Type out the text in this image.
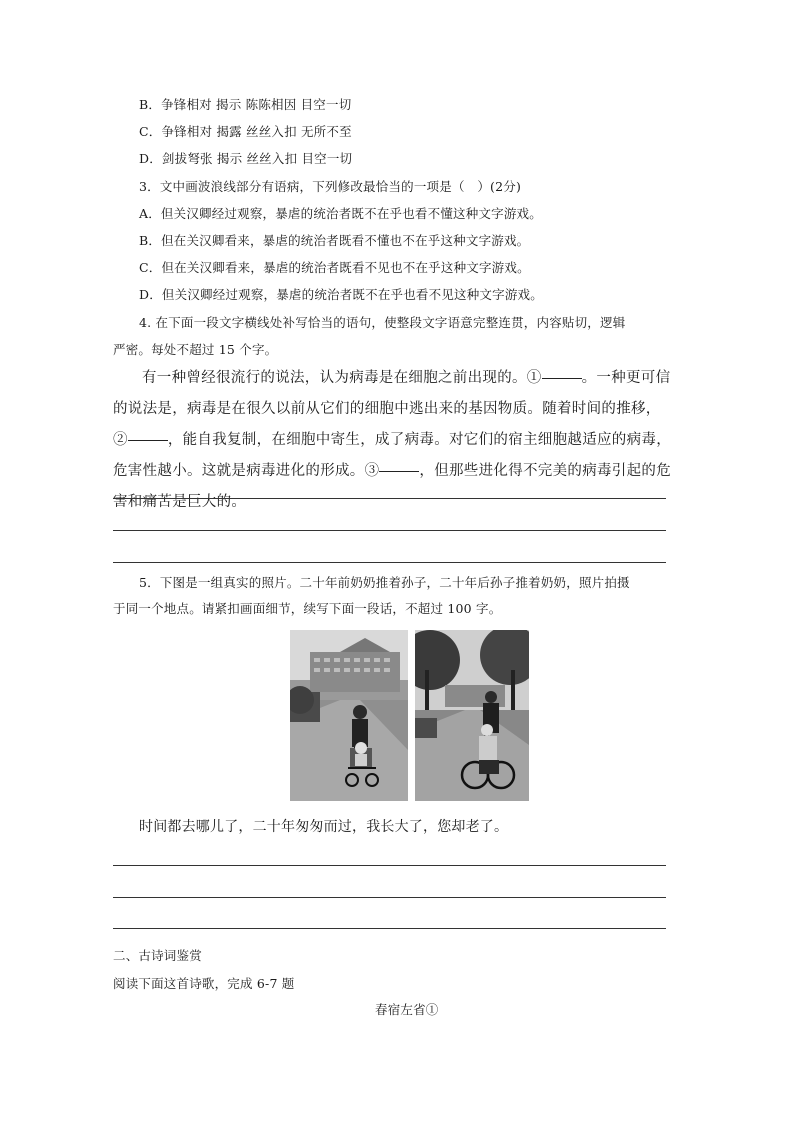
B．争锋相对 揭示 陈陈相因 目空一切
C．争锋相对 揭露 丝丝入扣 无所不至
D．剑拔弩张 揭示 丝丝入扣 目空一切
3．文中画波浪线部分有语病，下列修改最恰当的一项是（　）(2分)
A．但关汉卿经过观察，暴虐的统治者既不在乎也看不懂这种文字游戏。
B．但在关汉卿看来，暴虐的统治者既看不懂也不在乎这种文字游戏。
C．但在关汉卿看来，暴虐的统治者既看不见也不在乎这种文字游戏。
D．但关汉卿经过观察，暴虐的统治者既不在乎也看不见这种文字游戏。
4. 在下面一段文字横线处补写恰当的语句，使整段文字语意完整连贯，内容贴切，逻辑
严密。每处不超过 15 个字。
有一种曾经很流行的说法，认为病毒是在细胞之前出现的。①	。一种更可信的说法是，病毒是在很久以前从它们的细胞中逃出来的基因物质。随着时间的推移，②	，能自我复制，在细胞中寄生，成了病毒。对它们的宿主细胞越适应的病毒，危害性越小。这就是病毒进化的形成。③	，但那些进化得不完美的病毒引起的危害和痛苦是巨大的。
5．下图是一组真实的照片。二十年前奶奶推着孙子，二十年后孙子推着奶奶，照片拍摄
于同一个地点。请紧扣画面细节，续写下面一段话，不超过 100 字。
时间都去哪儿了，二十年匆匆而过，我长大了，您却老了。
二、古诗词鉴赏
阅读下面这首诗歌，完成 6-7 题
春宿左省①
